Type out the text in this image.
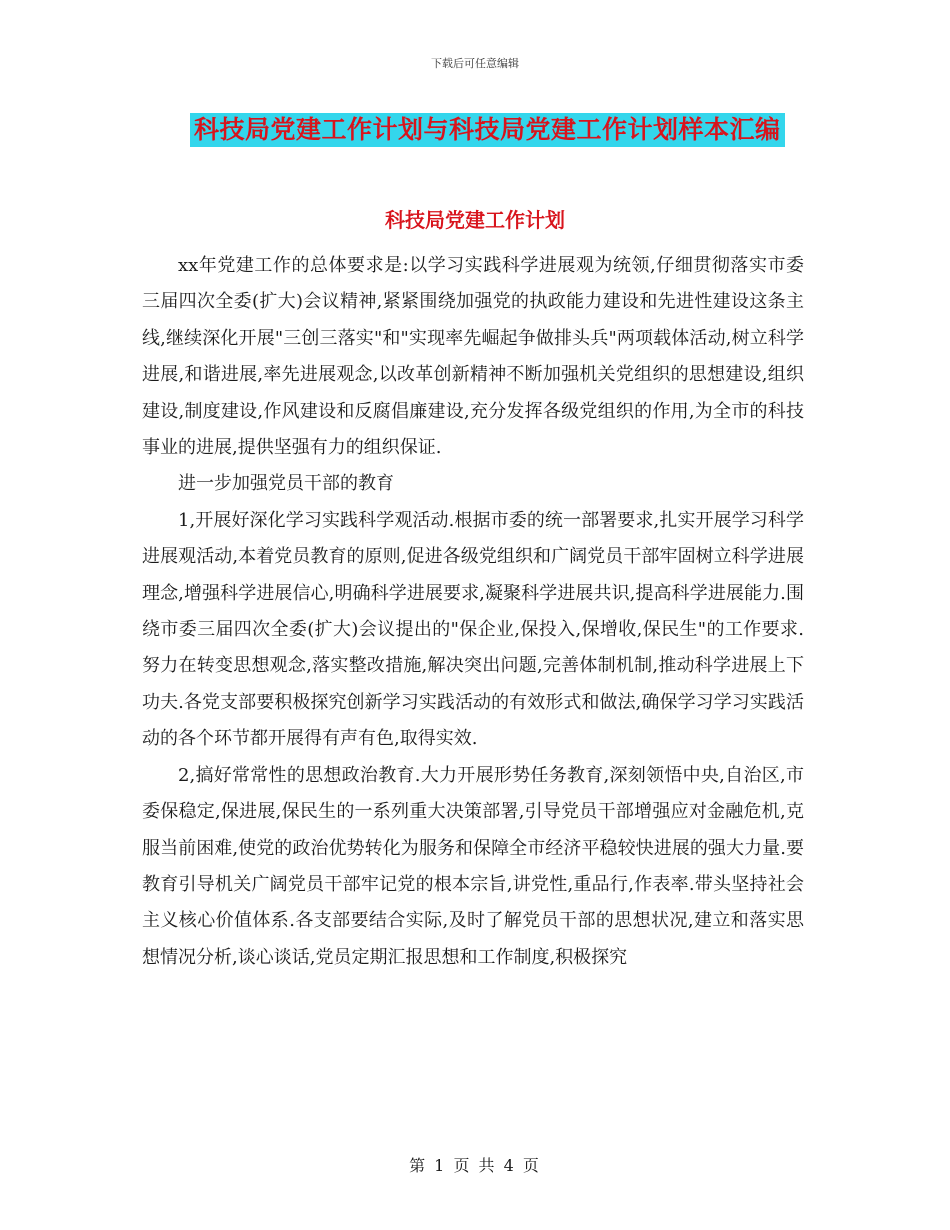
下载后可任意编辑
科技局党建工作计划与科技局党建工作计划样本汇编
科技局党建工作计划

xx年党建工作的总体要求是:以学习实践科学进展观为统领,仔细贯彻落实市委三届四次全委(扩大)会议精神,紧紧围绕加强党的执政能力建设和先进性建设这条主线,继续深化开展"三创三落实"和"实现率先崛起争做排头兵"两项载体活动,树立科学进展,和谐进展,率先进展观念,以改革创新精神不断加强机关党组织的思想建设,组织建设,制度建设,作风建设和反腐倡廉建设,充分发挥各级党组织的作用,为全市的科技事业的进展,提供坚强有力的组织保证.

进一步加强党员干部的教育

1,开展好深化学习实践科学观活动.根据市委的统一部署要求,扎实开展学习科学进展观活动,本着党员教育的原则,促进各级党组织和广阔党员干部牢固树立科学进展理念,增强科学进展信心,明确科学进展要求,凝聚科学进展共识,提高科学进展能力.围绕市委三届四次全委(扩大)会议提出的"保企业,保投入,保增收,保民生"的工作要求.努力在转变思想观念,落实整改措施,解决突出问题,完善体制机制,推动科学进展上下功夫.各党支部要积极探究创新学习实践活动的有效形式和做法,确保学习学习实践活动的各个环节都开展得有声有色,取得实效.

2,搞好常常性的思想政治教育.大力开展形势任务教育,深刻领悟中央,自治区,市委保稳定,保进展,保民生的一系列重大决策部署,引导党员干部增强应对金融危机,克服当前困难,使党的政治优势转化为服务和保障全市经济平稳较快进展的强大力量.要教育引导机关广阔党员干部牢记党的根本宗旨,讲党性,重品行,作表率.带头坚持社会主义核心价值体系.各支部要结合实际,及时了解党员干部的思想状况,建立和落实思想情况分析,谈心谈话,党员定期汇报思想和工作制度,积极探究

第 1 页 共 4 页
